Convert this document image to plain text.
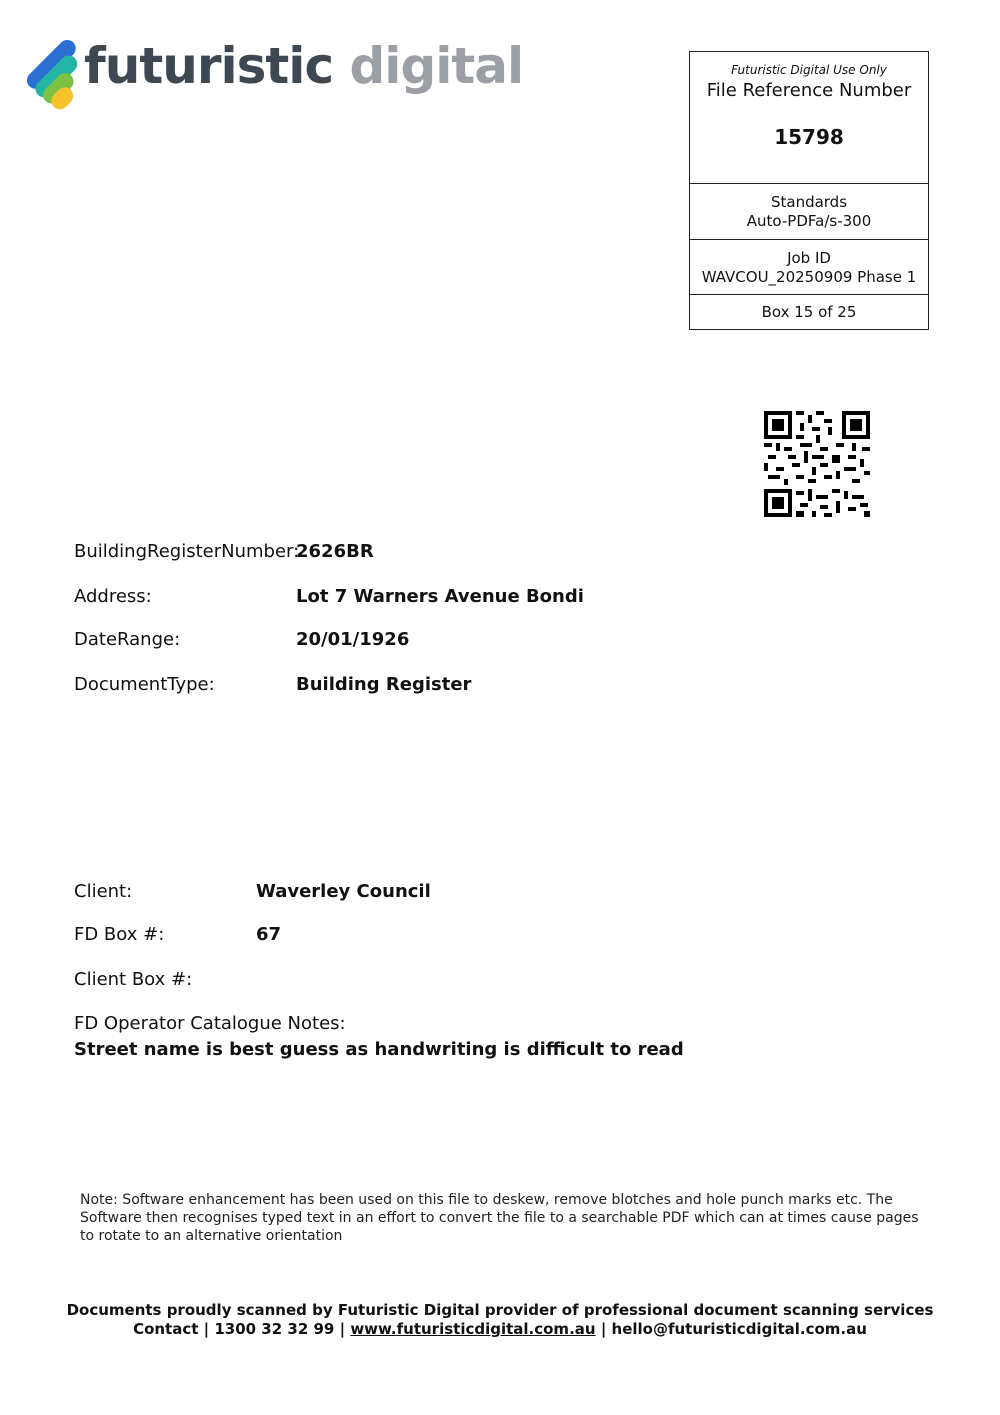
futuristic digital	Futuristic Digital Use Only
File Reference Number
15798
Standards
Auto-PDFa/s-300
Job ID
WAVCOU_20250909 Phase 1
Box 15 of 25
BuildingRegisterNumber:
2626BR
Address:	Lot 7 Warners Avenue Bondi
DateRange:	20/01/1926
DocumentType:	Building Register
Client:	Waverley Council
FD Box #:	67
Client Box #:
FD Operator Catalogue Notes:
Street name is best guess as handwriting is difficult to read
Note: Software enhancement has been used on this file to deskew, remove blotches and hole punch marks etc. The Software then recognises typed text in an effort to convert the file to a searchable PDF which can at times cause pages to rotate to an alternative orientation
Documents proudly scanned by Futuristic Digital provider of professional document scanning services
Contact | 1300 32 32 99 | www.futuristicdigital.com.au | hello@futuristicdigital.com.au
